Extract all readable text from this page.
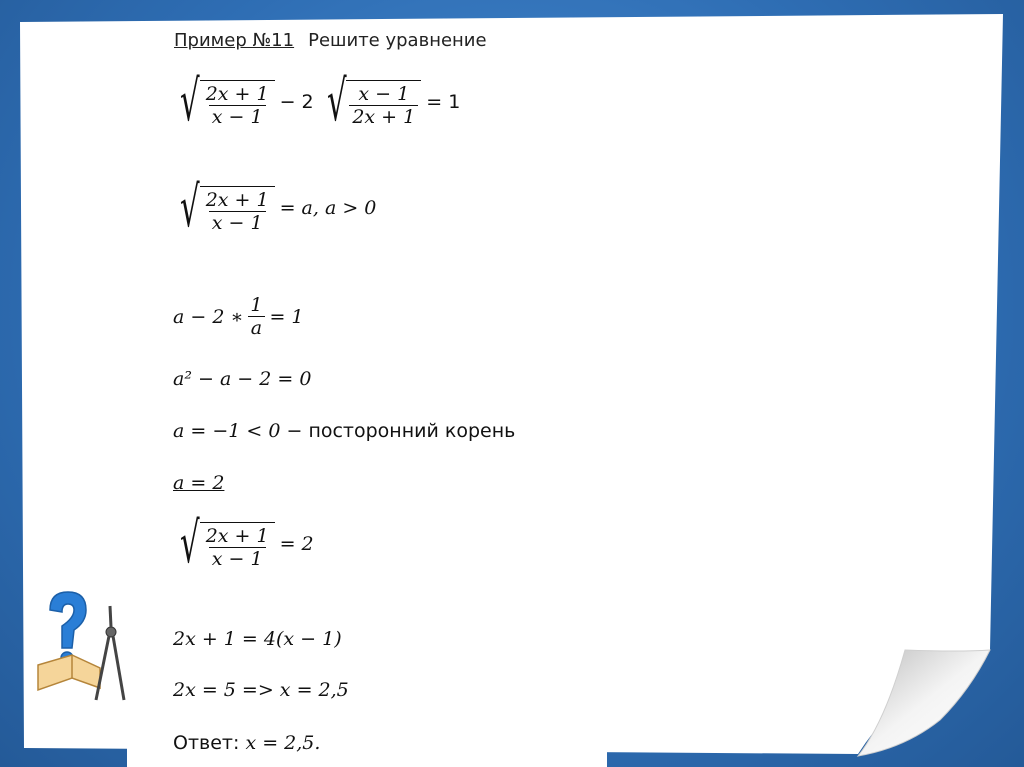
Пример №11 Решите уравнение
√ $\frac{2x + 1}{x - 1} - 2$ √ $\frac{x - 1}{2x + 1} = 1$
√ $\frac{2x + 1}{x - 1} = a$, a > 0
a − 2 ∗ $\frac{1}{a} = 1$
a² − a − 2 = 0
a = −1 < 0 − посторонний корень
a = 2
√ $\frac{2x + 1}{x - 1} = 2$
2x + 1 = 4(x − 1)
2x = 5 => x = 2,5
Ответ: x = 2,5.
